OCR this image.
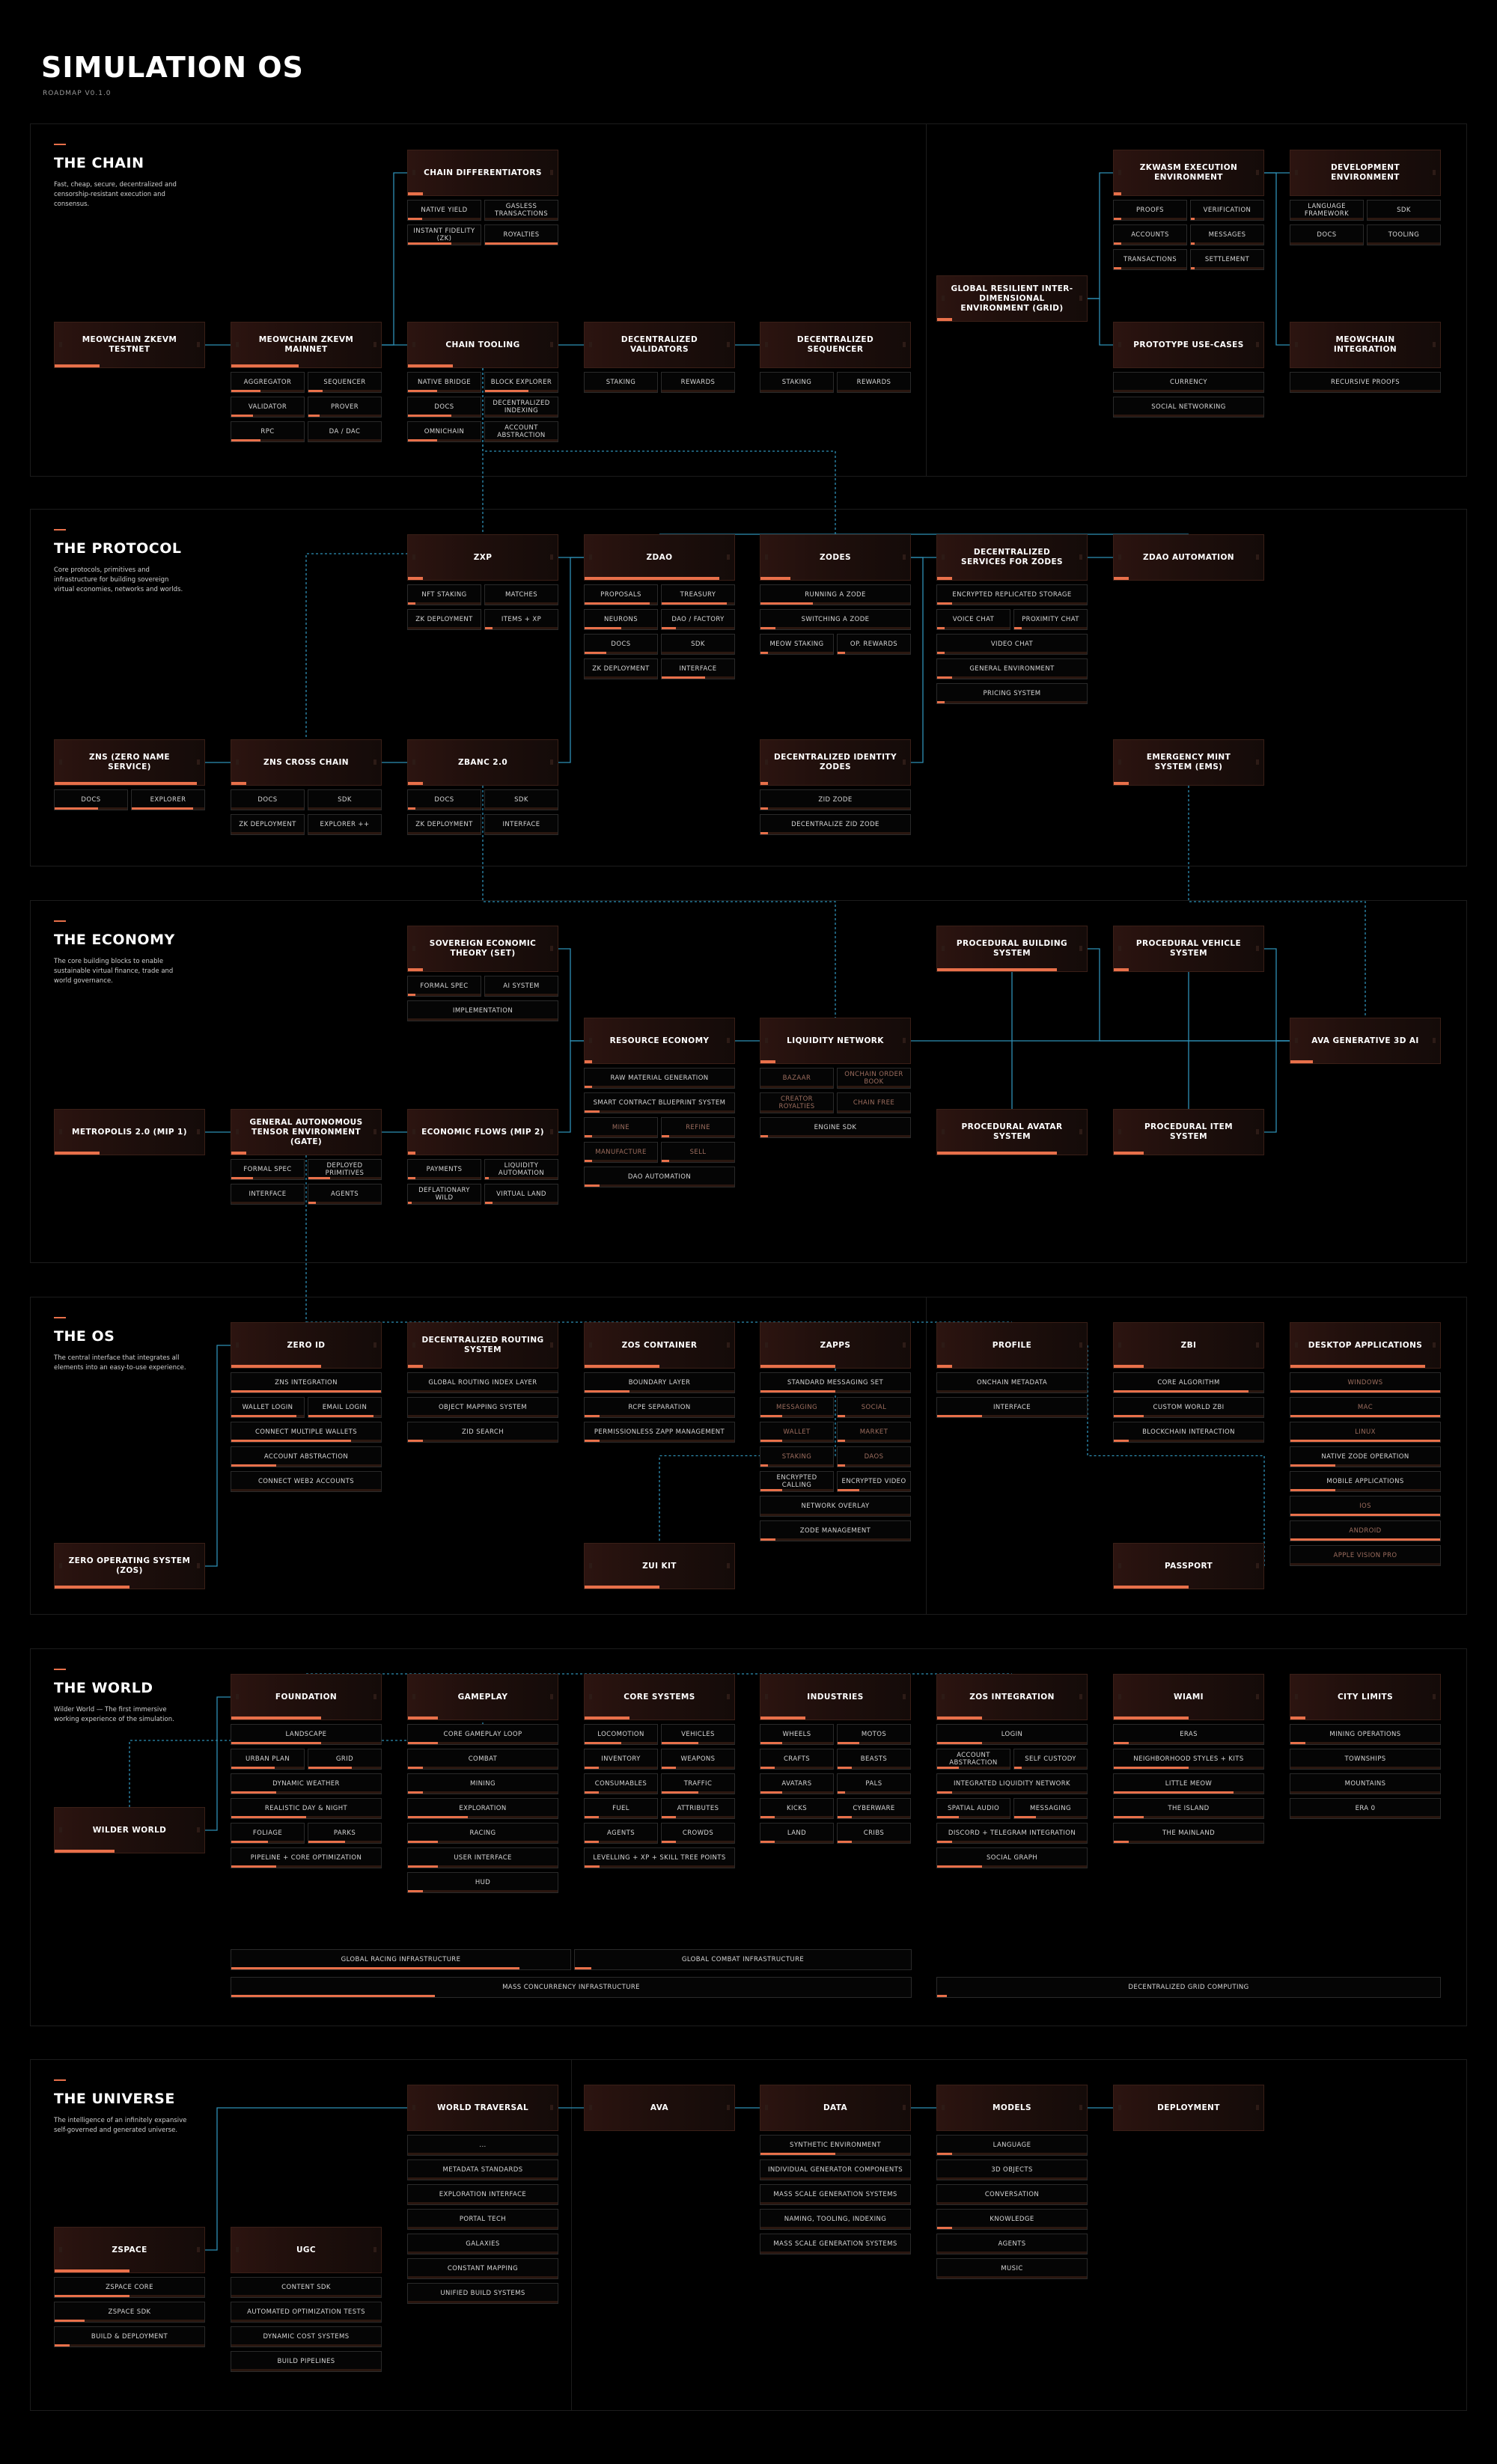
SIMULATION OS
ROADMAP V0.1.0
THE CHAIN
Fast, cheap, secure, decentralized and censorship-resistant execution and consensus.
THE PROTOCOL
Core protocols, primitives and infrastructure for building sovereign virtual economies, networks and worlds.
THE ECONOMY
The core building blocks to enable sustainable virtual finance, trade and world governance.
THE OS
The central interface that integrates all elements into an easy-to-use experience.
THE WORLD
Wilder World — The first immersive working experience of the simulation.
THE UNIVERSE
The intelligence of an infinitely expansive self-governed and generated universe.
MEOWCHAIN ZKEVM TESTNET
MEOWCHAIN ZKEVM MAINNET
AGGREGATOR	SEQUENCER
VALIDATOR	PROVER
RPC	DA / DAC
CHAIN DIFFERENTIATORS
NATIVE YIELD	GASLESS TRANSACTIONS
INSTANT FIDELITY (ZK)	ROYALTIES
CHAIN TOOLING
NATIVE BRIDGE	BLOCK EXPLORER
DOCS	DECENTRALIZED INDEXING
OMNICHAIN	ACCOUNT ABSTRACTION
DECENTRALIZED VALIDATORS
STAKING	REWARDS
DECENTRALIZED SEQUENCER
STAKING	REWARDS
GLOBAL RESILIENT INTER-DIMENSIONAL ENVIRONMENT (GRID)
ZKWASM EXECUTION ENVIRONMENT
PROOFS	VERIFICATION
ACCOUNTS	MESSAGES
TRANSACTIONS	SETTLEMENT
DEVELOPMENT ENVIRONMENT
LANGUAGE FRAMEWORK	SDK
DOCS	TOOLING
PROTOTYPE USE-CASES
CURRENCY
SOCIAL NETWORKING
MEOWCHAIN INTEGRATION
RECURSIVE PROOFS
ZXP
NFT STAKING	MATCHES
ZK DEPLOYMENT	ITEMS + XP
ZDAO
PROPOSALS	TREASURY
NEURONS	DAO / FACTORY
DOCS	SDK
ZK DEPLOYMENT	INTERFACE
ZODES
RUNNING A ZODE
SWITCHING A ZODE
MEOW STAKING	OP. REWARDS
DECENTRALIZED SERVICES FOR ZODES
ENCRYPTED REPLICATED STORAGE
VOICE CHAT	PROXIMITY CHAT
VIDEO CHAT
GENERAL ENVIRONMENT
PRICING SYSTEM
ZDAO AUTOMATION
ZNS (ZERO NAME SERVICE)
DOCS	EXPLORER
ZNS CROSS CHAIN
DOCS	SDK
ZK DEPLOYMENT	EXPLORER ++
ZBANC 2.0
DOCS	SDK
ZK DEPLOYMENT	INTERFACE
DECENTRALIZED IDENTITY ZODES
ZID ZODE
DECENTRALIZE ZID ZODE
EMERGENCY MINT SYSTEM (EMS)
SOVEREIGN ECONOMIC THEORY (SET)
FORMAL SPEC	AI SYSTEM
IMPLEMENTATION
RESOURCE ECONOMY
RAW MATERIAL GENERATION
SMART CONTRACT BLUEPRINT SYSTEM
MINE	REFINE
MANUFACTURE	SELL
DAO AUTOMATION
LIQUIDITY NETWORK
BAZAAR	ONCHAIN ORDER BOOK
CREATOR ROYALTIES	CHAIN FREE
ENGINE SDK
PROCEDURAL BUILDING SYSTEM
PROCEDURAL VEHICLE SYSTEM
AVA GENERATIVE 3D AI
METROPOLIS 2.0 (MIP 1)
GENERAL AUTONOMOUS TENSOR ENVIRONMENT (GATE)
FORMAL SPEC	DEPLOYED PRIMITIVES
INTERFACE	AGENTS
ECONOMIC FLOWS (MIP 2)
PAYMENTS	LIQUIDITY AUTOMATION
DEFLATIONARY WILD	VIRTUAL LAND
PROCEDURAL AVATAR SYSTEM
PROCEDURAL ITEM SYSTEM
ZERO ID
ZNS INTEGRATION
WALLET LOGIN	EMAIL LOGIN
CONNECT MULTIPLE WALLETS
ACCOUNT ABSTRACTION
CONNECT WEB2 ACCOUNTS
DECENTRALIZED ROUTING SYSTEM
GLOBAL ROUTING INDEX LAYER
OBJECT MAPPING SYSTEM
ZID SEARCH
ZOS CONTAINER
BOUNDARY LAYER
RCPE SEPARATION
PERMISSIONLESS ZAPP MANAGEMENT
ZAPPS
STANDARD MESSAGING SET
MESSAGING	SOCIAL
WALLET	MARKET
STAKING	DAOS
ENCRYPTED CALLING	ENCRYPTED VIDEO
NETWORK OVERLAY
ZODE MANAGEMENT
PROFILE
ONCHAIN METADATA
INTERFACE
ZBI
CORE ALGORITHM
CUSTOM WORLD ZBI
BLOCKCHAIN INTERACTION
DESKTOP APPLICATIONS
WINDOWS
MAC
LINUX
NATIVE ZODE OPERATION
MOBILE APPLICATIONS
IOS
ANDROID
APPLE VISION PRO
ZERO OPERATING SYSTEM (ZOS)
ZUI KIT	PASSPORT
FOUNDATION
LANDSCAPE
URBAN PLAN	GRID
DYNAMIC WEATHER
REALISTIC DAY & NIGHT
FOLIAGE	PARKS
PIPELINE + CORE OPTIMIZATION
GAMEPLAY
CORE GAMEPLAY LOOP
COMBAT
MINING
EXPLORATION
RACING
USER INTERFACE
HUD
CORE SYSTEMS
LOCOMOTION	VEHICLES
INVENTORY	WEAPONS
CONSUMABLES	TRAFFIC
FUEL	ATTRIBUTES
AGENTS	CROWDS
LEVELLING + XP + SKILL TREE POINTS
INDUSTRIES
WHEELS	MOTOS
CRAFTS	BEASTS
AVATARS	PALS
KICKS	CYBERWARE
LAND	CRIBS
ZOS INTEGRATION
LOGIN
ACCOUNT ABSTRACTION	SELF CUSTODY
INTEGRATED LIQUIDITY NETWORK
SPATIAL AUDIO	MESSAGING
DISCORD + TELEGRAM INTEGRATION
SOCIAL GRAPH
WIAMI
ERAS
NEIGHBORHOOD STYLES + KITS
LITTLE MEOW
THE ISLAND
THE MAINLAND
CITY LIMITS
MINING OPERATIONS
TOWNSHIPS
MOUNTAINS
ERA 0
WILDER WORLD
WORLD TRAVERSAL
...
METADATA STANDARDS
EXPLORATION INTERFACE
PORTAL TECH
GALAXIES
CONSTANT MAPPING
UNIFIED BUILD SYSTEMS
AVA	DATA
SYNTHETIC ENVIRONMENT
INDIVIDUAL GENERATOR COMPONENTS
MASS SCALE GENERATION SYSTEMS
NAMING, TOOLING, INDEXING
MASS SCALE GENERATION SYSTEMS
MODELS
LANGUAGE
3D OBJECTS
CONVERSATION
KNOWLEDGE
AGENTS
MUSIC
DEPLOYMENT
ZSPACE
ZSPACE CORE
ZSPACE SDK
BUILD & DEPLOYMENT
UGC
CONTENT SDK
AUTOMATED OPTIMIZATION TESTS
DYNAMIC COST SYSTEMS
BUILD PIPELINES
GLOBAL RACING INFRASTRUCTURE	GLOBAL COMBAT INFRASTRUCTURE
MASS CONCURRENCY INFRASTRUCTURE	DECENTRALIZED GRID COMPUTING
